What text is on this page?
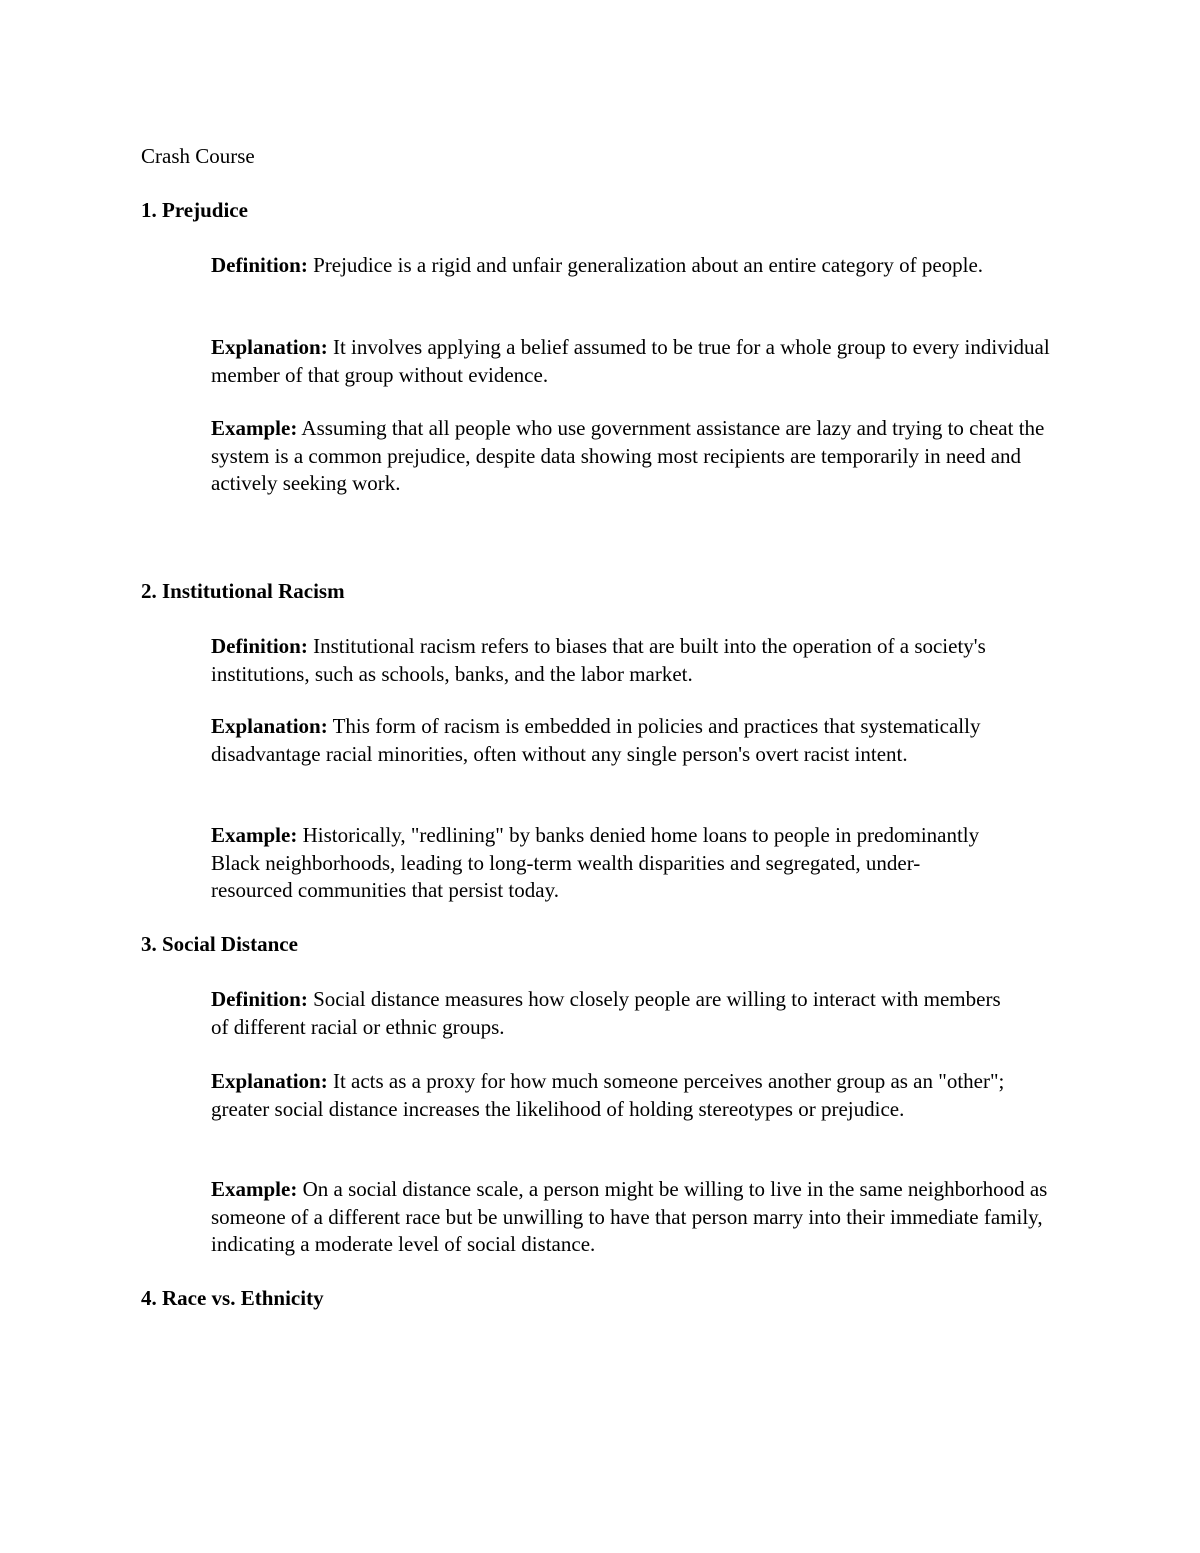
Crash Course
1. Prejudice

Definition: Prejudice is a rigid and unfair generalization about an entire category of people.

Explanation: It involves applying a belief assumed to be true for a whole group to every individual member of that group without evidence.

Example: Assuming that all people who use government assistance are lazy and trying to cheat the system is a common prejudice, despite data showing most recipients are temporarily in need and actively seeking work.

2. Institutional Racism

Definition: Institutional racism refers to biases that are built into the operation of a society's institutions, such as schools, banks, and the labor market.

Explanation: This form of racism is embedded in policies and practices that systematically disadvantage racial minorities, often without any single person's overt racist intent.

Example: Historically, "redlining" by banks denied home loans to people in predominantly Black neighborhoods, leading to long-term wealth disparities and segregated, under-resourced communities that persist today.

3. Social Distance

Definition: Social distance measures how closely people are willing to interact with members of different racial or ethnic groups.

Explanation: It acts as a proxy for how much someone perceives another group as an "other"; greater social distance increases the likelihood of holding stereotypes or prejudice.

Example: On a social distance scale, a person might be willing to live in the same neighborhood as someone of a different race but be unwilling to have that person marry into their immediate family, indicating a moderate level of social distance.

4. Race vs. Ethnicity
